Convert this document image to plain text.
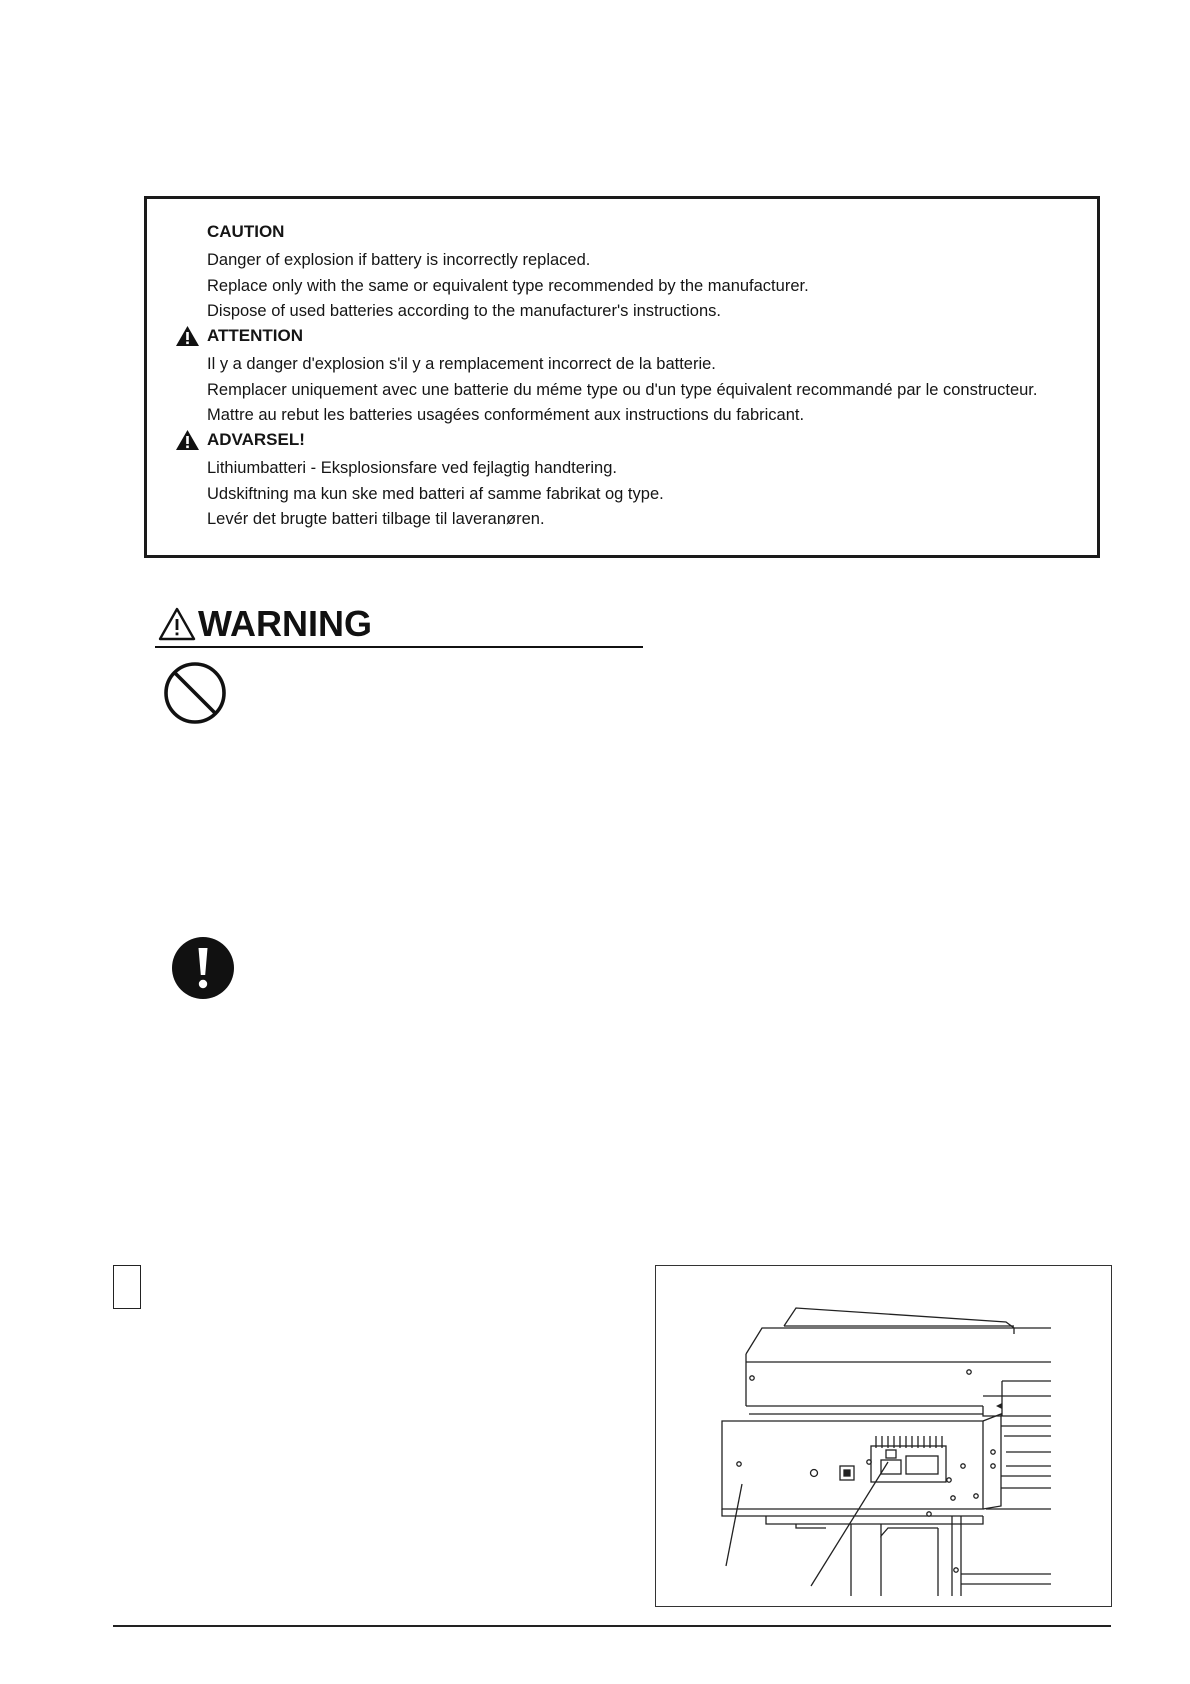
CAUTION
Danger of explosion if battery is incorrectly replaced.
Replace only with the same or equivalent type recommended by the manufacturer.
Dispose of used batteries according to the manufacturer's instructions.
ATTENTION
Il y a danger d'explosion s'il y a remplacement incorrect de la batterie.
Remplacer uniquement avec une batterie du méme type ou d'un type équivalent recommandé par le constructeur.
Mattre au rebut les batteries usagées conformément aux instructions du fabricant.
ADVARSEL!
Lithiumbatteri - Eksplosionsfare ved fejlagtig handtering.
Udskiftning ma kun ske med batteri af samme fabrikat og type.
Levér det brugte batteri tilbage til laveranøren.
WARNING
